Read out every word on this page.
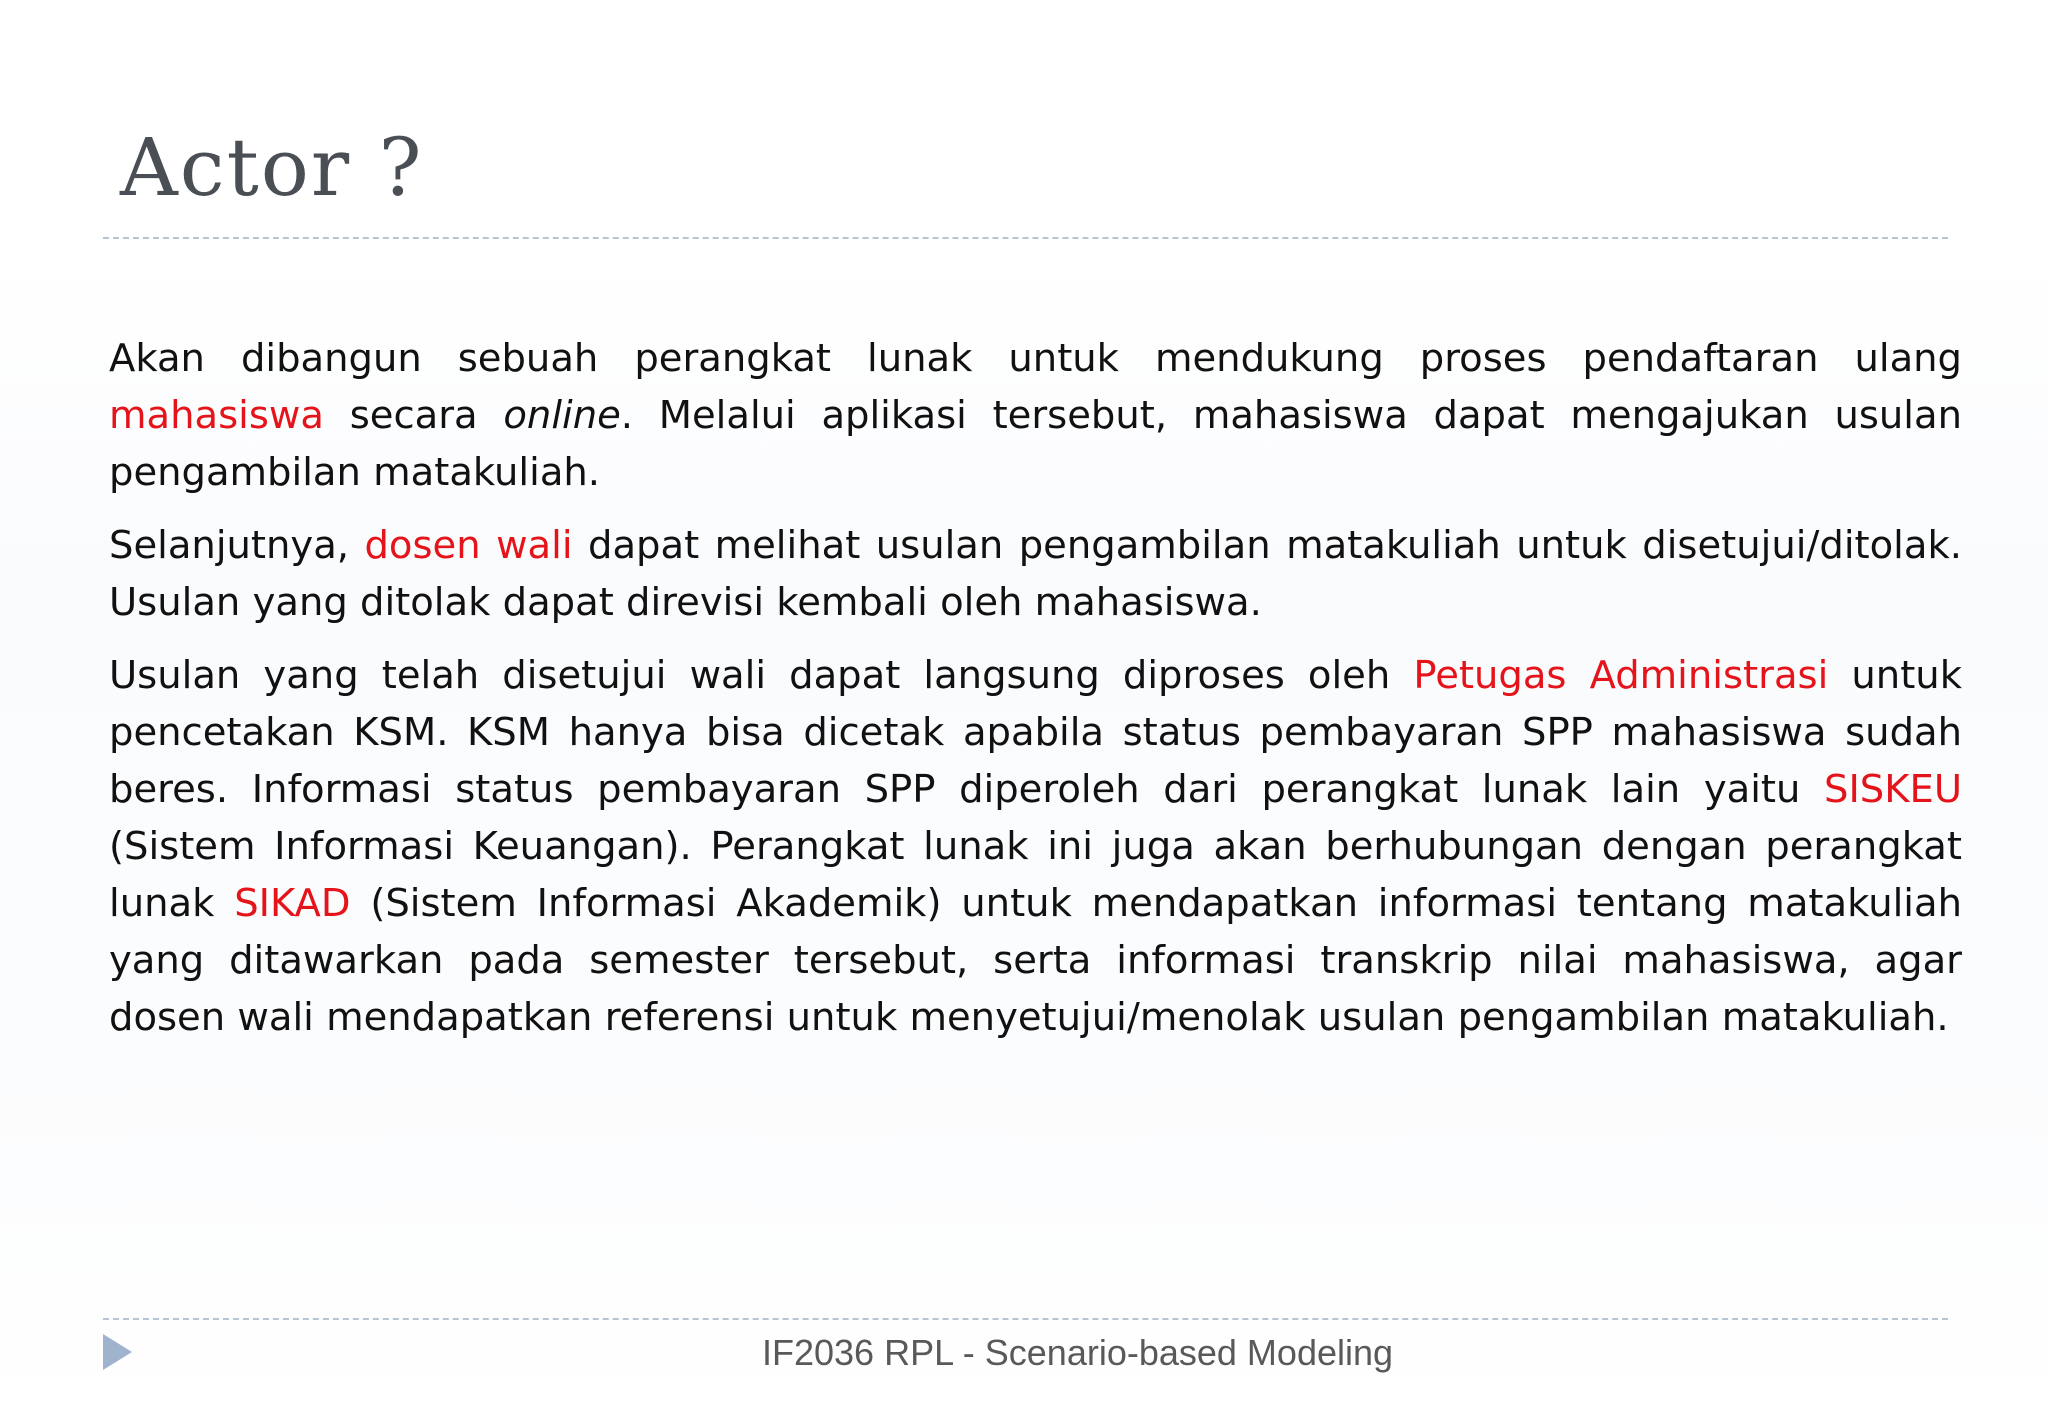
Actor ?

Akan dibangun sebuah perangkat lunak untuk mendukung proses pendaftaran ulang mahasiswa secara online. Melalui aplikasi tersebut, mahasiswa dapat mengajukan usulan pengambilan matakuliah.

Selanjutnya, dosen wali dapat melihat usulan pengambilan matakuliah untuk disetujui/ditolak. Usulan yang ditolak dapat direvisi kembali oleh mahasiswa.

Usulan yang telah disetujui wali dapat langsung diproses oleh Petugas Administrasi untuk pencetakan KSM. KSM hanya bisa dicetak apabila status pembayaran SPP mahasiswa sudah beres. Informasi status pembayaran SPP diperoleh dari perangkat lunak lain yaitu SISKEU (Sistem Informasi Keuangan). Perangkat lunak ini juga akan berhubungan dengan perangkat lunak SIKAD (Sistem Informasi Akademik) untuk mendapatkan informasi tentang matakuliah yang ditawarkan pada semester tersebut, serta informasi transkrip nilai mahasiswa, agar dosen wali mendapatkan referensi untuk menyetujui/menolak usulan pengambilan matakuliah.

IF2036 RPL - Scenario-based Modeling
